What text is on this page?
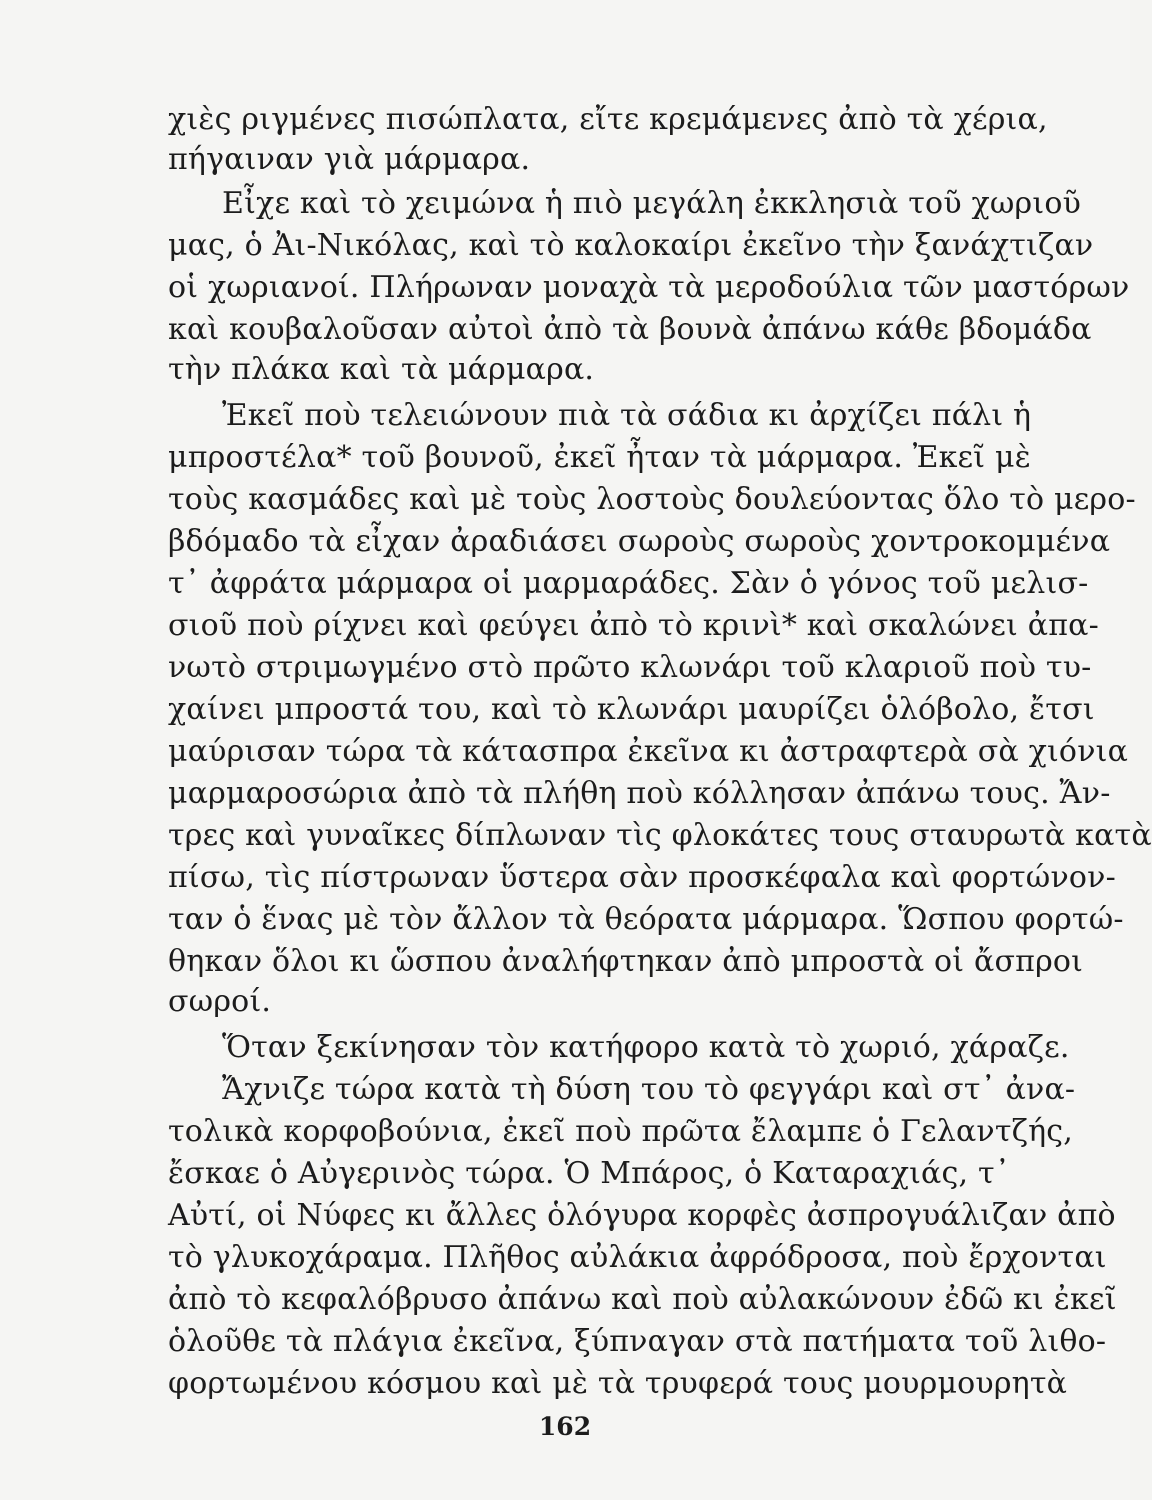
χιὲς ριγμένες πισώπλατα, εἴτε κρεμάμενες ἀπὸ τὰ χέρια,
πήγαιναν γιὰ μάρμαρα.
Εἶχε καὶ τὸ χειμώνα ἡ πιὸ μεγάλη ἐκκλησιὰ τοῦ χωριοῦ
μας, ὁ Ἀι-Νικόλας, καὶ τὸ καλοκαίρι ἐκεῖνο τὴν ξανάχτιζαν
οἱ χωριανοί. Πλήρωναν μοναχὰ τὰ μεροδούλια τῶν μαστόρων
καὶ κουβαλοῦσαν αὐτοὶ ἀπὸ τὰ βουνὰ ἀπάνω κάθε βδομάδα
τὴν πλάκα καὶ τὰ μάρμαρα.
Ἐκεῖ ποὺ τελειώνουν πιὰ τὰ σάδια κι ἀρχίζει πάλι ἡ
μπροστέλα* τοῦ βουνοῦ, ἐκεῖ ἦταν τὰ μάρμαρα. Ἐκεῖ μὲ
τοὺς κασμάδες καὶ μὲ τοὺς λοστοὺς δουλεύοντας ὅλο τὸ μερο-
βδόμαδο τὰ εἶχαν ἀραδιάσει σωροὺς σωροὺς χοντροκομμένα
τ᾽ ἀφράτα μάρμαρα οἱ μαρμαράδες. Σὰν ὁ γόνος τοῦ μελισ-
σιοῦ ποὺ ρίχνει καὶ φεύγει ἀπὸ τὸ κρινὶ* καὶ σκαλώνει ἀπα-
νωτὸ στριμωγμένο στὸ πρῶτο κλωνάρι τοῦ κλαριοῦ ποὺ τυ-
χαίνει μπροστά του, καὶ τὸ κλωνάρι μαυρίζει ὁλόβολο, ἔτσι
μαύρισαν τώρα τὰ κάτασπρα ἐκεῖνα κι ἀστραφτερὰ σὰ χιόνια
μαρμαροσώρια ἀπὸ τὰ πλήθη ποὺ κόλλησαν ἀπάνω τους. Ἄν-
τρες καὶ γυναῖκες δίπλωναν τὶς φλοκάτες τους σταυρωτὰ κατὰ
πίσω, τὶς πίστρωναν ὕστερα σὰν προσκέφαλα καὶ φορτώνον-
ταν ὁ ἕνας μὲ τὸν ἄλλον τὰ θεόρατα μάρμαρα. Ὥσπου φορτώ-
θηκαν ὅλοι κι ὥσπου ἀναλήφτηκαν ἀπὸ μπροστὰ οἱ ἄσπροι
σωροί.
Ὅταν ξεκίνησαν τὸν κατήφορο κατὰ τὸ χωριό, χάραζε.
Ἄχνιζε τώρα κατὰ τὴ δύση του τὸ φεγγάρι καὶ στ᾽ ἀνα-
τολικὰ κορφοβούνια, ἐκεῖ ποὺ πρῶτα ἔλαμπε ὁ Γελαντζής,
ἔσκαε ὁ Αὐγερινὸς τώρα. Ὁ Μπάρος, ὁ Καταραχιάς, τ᾽
Αὐτί, οἱ Νύφες κι ἄλλες ὁλόγυρα κορφὲς ἀσπρογυάλιζαν ἀπὸ
τὸ γλυκοχάραμα. Πλῆθος αὐλάκια ἀφρόδροσα, ποὺ ἔρχονται
ἀπὸ τὸ κεφαλόβρυσο ἀπάνω καὶ ποὺ αὐλακώνουν ἐδῶ κι ἐκεῖ
ὁλοῦθε τὰ πλάγια ἐκεῖνα, ξύπναγαν στὰ πατήματα τοῦ λιθο-
φορτωμένου κόσμου καὶ μὲ τὰ τρυφερά τους μουρμουρητὰ
162
